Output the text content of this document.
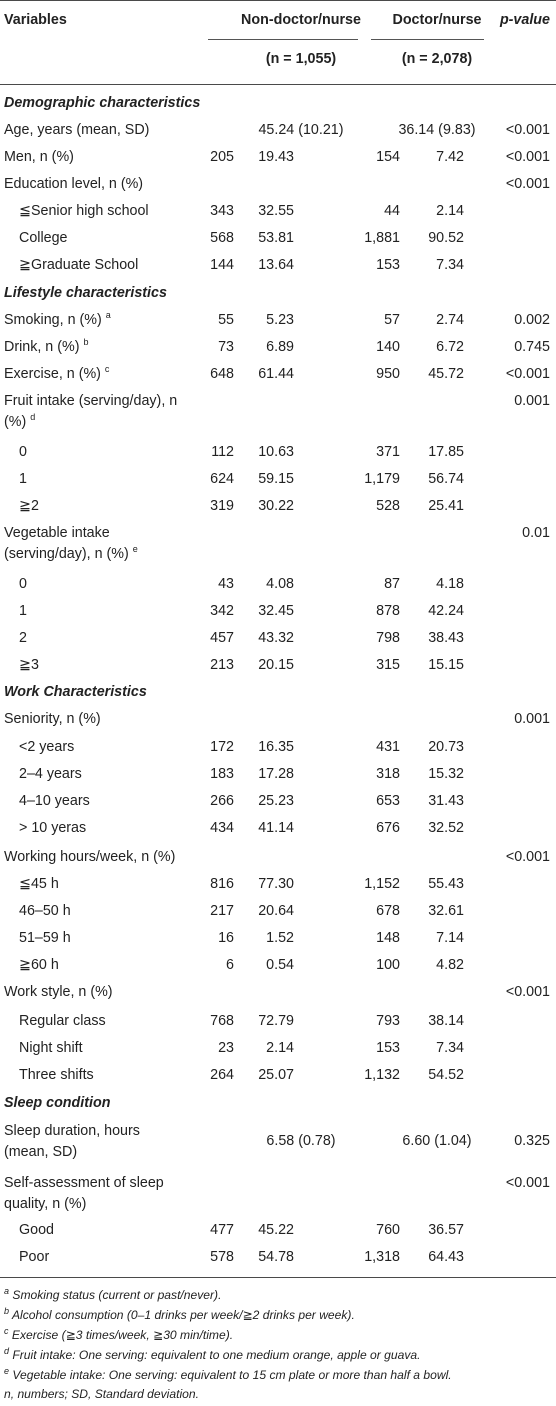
Variables	Non-doctor/nurse	Doctor/nurse	p-value
(n = 1,055)	(n = 2,078)
Demographic characteristics
Age, years (mean, SD)	45.24 (10.21)	36.14 (9.83)	<0.001
Men, n (%)	205 19.43	154	7.42	<0.001
Education level, n (%)	<0.001
≦Senior high school	343 32.55	44	2.14
College	568 53.81	1,881 90.52
≧Graduate School	144 13.64	153	7.34
Lifestyle characteristics
Smoking, n (%) $^a$	55 5.23	57	2.74	0.002
Drink, n (%) $^b$	73 6.89	140	6.72	0.745
Exercise, n (%) $^c$	648 61.44	950 45.72	<0.001
Fruit intake (serving/day), n	0.001
(%) $^d$
0	112 10.63	371 17.85
1	624 59.15	1,179 56.74
≧2	319 30.22	528 25.41
Vegetable intake	0.01
(serving/day), n (%) $^e$
0	43 4.08	87	4.18
1	342 32.45	878 42.24
2	457 43.32	798 38.43
≧3	213 20.15	315 15.15
Work Characteristics
Seniority, n (%)	0.001
<2 years	172 16.35	431 20.73
2–4 years	183 17.28	318 15.32
4–10 years	266 25.23	653 31.43
> 10 yeras	434 41.14	676 32.52
Working hours/week, n (%)	<0.001
≦45 h	816 77.30	1,152 55.43
46–50 h	217 20.64	678 32.61
51–59 h	16 1.52	148	7.14
≧60 h	6 0.54	100	4.82
Work style, n (%)	<0.001
Regular class	768 72.79	793 38.14
Night shift	23 2.14	153	7.34
Three shifts	264 25.07	1,132 54.52
Sleep condition
Sleep duration, hours
6.58 (0.78)	6.60 (1.04)	0.325
(mean, SD)
Self-assessment of sleep	<0.001
quality, n (%)
Good	477 45.22	760 36.57
Poor	578 54.78	1,318 64.43
$^a$ Smoking status (current or past/never).
$^b$ Alcohol consumption (0–1 drinks per week/≧2 drinks per week).
$^c$ Exercise (≧3 times/week, ≧30 min/time).
$^d$ Fruit intake: One serving: equivalent to one medium orange, apple or guava.
$^e$ Vegetable intake: One serving: equivalent to 15 cm plate or more than half a bowl.
n, numbers; SD, Standard deviation.
